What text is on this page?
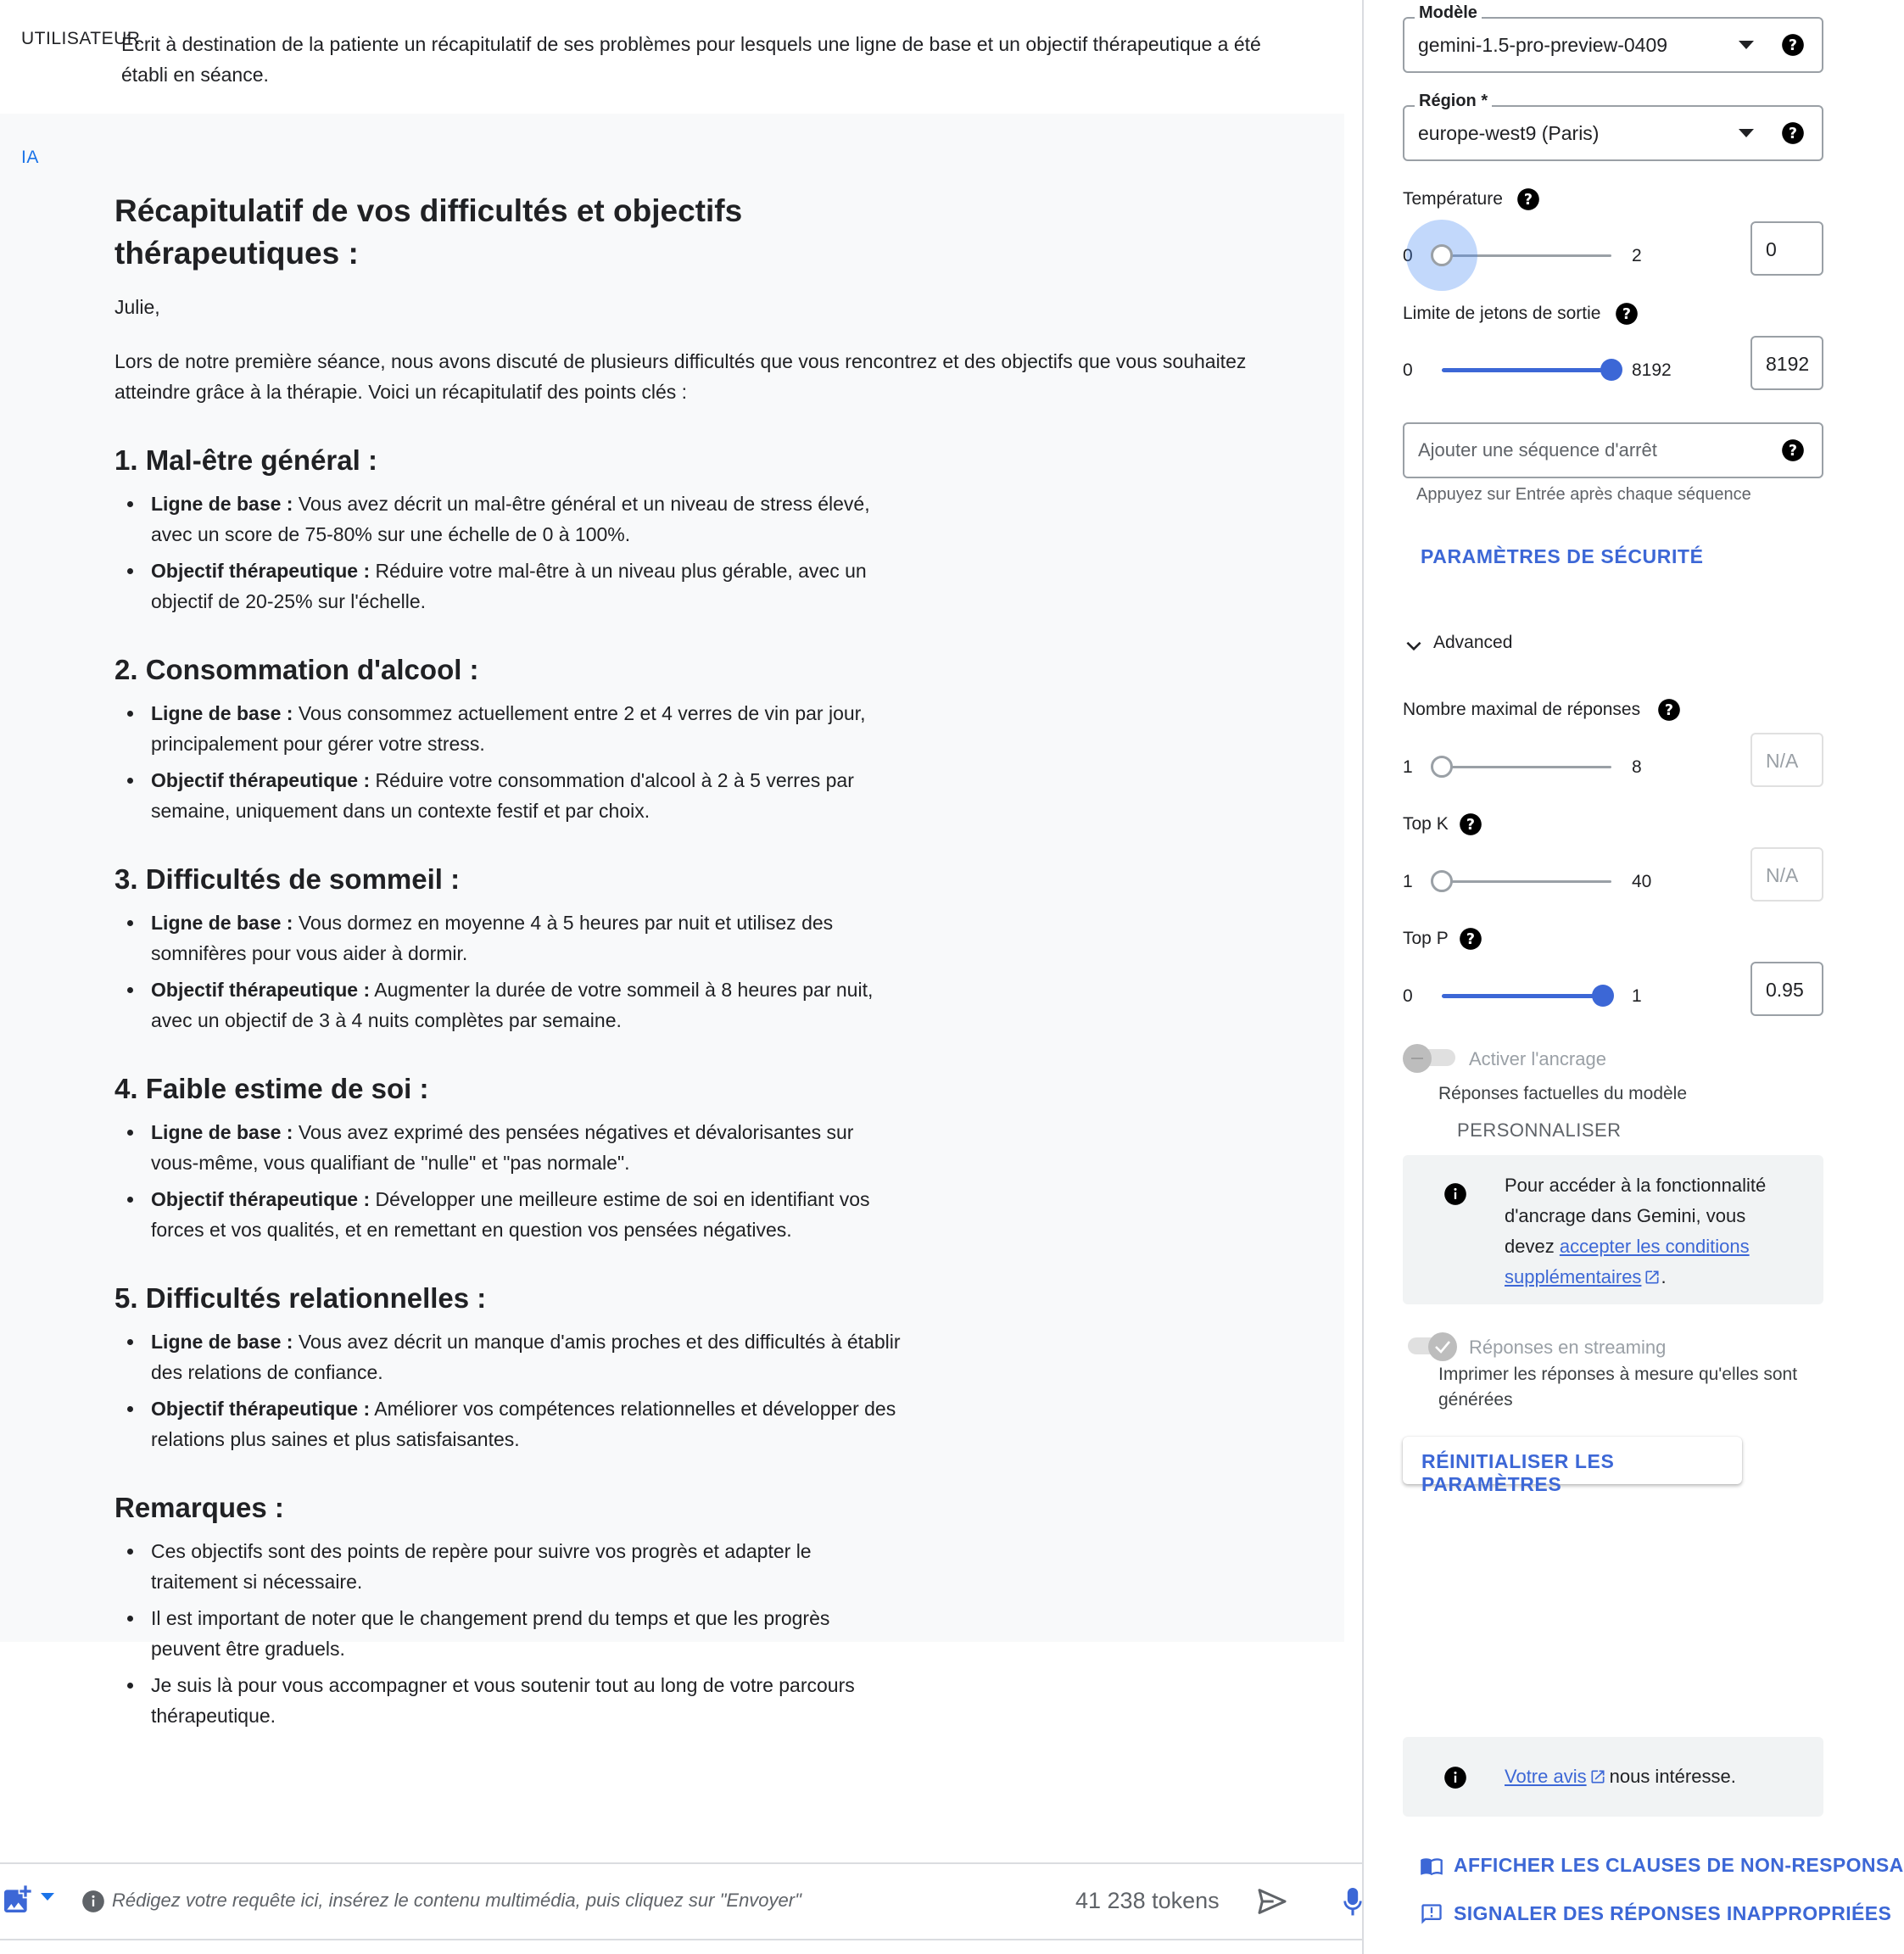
UTILISATEUR
Écrit à destination de la patiente un récapitulatif de ses problèmes pour lesquels une ligne de base et un objectif thérapeutique a été établi en séance.
IA
Récapitulatif de vos difficultés et objectifs thérapeutiques :

Julie,

Lors de notre première séance, nous avons discuté de plusieurs difficultés que vous rencontrez et des objectifs que vous souhaitez atteindre grâce à la thérapie. Voici un récapitulatif des points clés :

1. Mal-être général :
Ligne de base : Vous avez décrit un mal-être général et un niveau de stress élevé, avec un score de 75-80% sur une échelle de 0 à 100%.
Objectif thérapeutique : Réduire votre mal-être à un niveau plus gérable, avec un objectif de 20-25% sur l'échelle.
2. Consommation d'alcool :
Ligne de base : Vous consommez actuellement entre 2 et 4 verres de vin par jour, principalement pour gérer votre stress.
Objectif thérapeutique : Réduire votre consommation d'alcool à 2 à 5 verres par semaine, uniquement dans un contexte festif et par choix.
3. Difficultés de sommeil :
Ligne de base : Vous dormez en moyenne 4 à 5 heures par nuit et utilisez des somnifères pour vous aider à dormir.
Objectif thérapeutique : Augmenter la durée de votre sommeil à 8 heures par nuit, avec un objectif de 3 à 4 nuits complètes par semaine.
4. Faible estime de soi :
Ligne de base : Vous avez exprimé des pensées négatives et dévalorisantes sur vous-même, vous qualifiant de "nulle" et "pas normale".
Objectif thérapeutique : Développer une meilleure estime de soi en identifiant vos forces et vos qualités, et en remettant en question vos pensées négatives.
5. Difficultés relationnelles :
Ligne de base : Vous avez décrit un manque d'amis proches et des difficultés à établir des relations de confiance.
Objectif thérapeutique : Améliorer vos compétences relationnelles et développer des relations plus saines et plus satisfaisantes.
Remarques :
Ces objectifs sont des points de repère pour suivre vos progrès et adapter le traitement si nécessaire.
Il est important de noter que le changement prend du temps et que les progrès peuvent être graduels.
Je suis là pour vous accompagner et vous soutenir tout au long de votre parcours thérapeutique.
Rédigez votre requête ici, insérez le contenu multimédia, puis cliquez sur "Envoyer"	41 238 tokens
Modèle
gemini-1.5-pro-preview-0409	?
Région *
europe-west9 (Paris)	?
Température ?
0	2	0
Limite de jetons de sortie ?
0	8192	8192
Ajouter une séquence d'arrêt	?
Appuyez sur Entrée après chaque séquence
PARAMÈTRES DE SÉCURITÉ
Advanced
Nombre maximal de réponses ?
1	8	N/A
Top K ?
1	40	N/A
Top P ?
0	1	0.95
Activer l'ancrage
Réponses factuelles du modèle
PERSONNALISER
Pour accéder à la fonctionnalité d'ancrage dans Gemini, vous devez accepter les conditions supplémentaires .
Réponses en streaming
Imprimer les réponses à mesure qu'elles sont générées
RÉINITIALISER LES PARAMÈTRES
Votre avis nous intéresse.
AFFICHER LES CLAUSES DE NON-RESPONSA
SIGNALER DES RÉPONSES INAPPROPRIÉES
